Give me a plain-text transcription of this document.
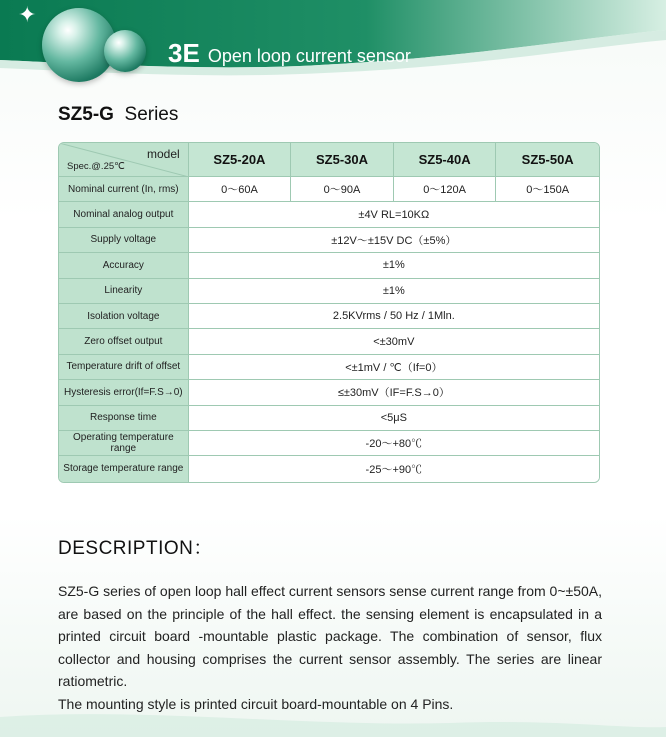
✦
3E Open loop current sensor
SZ5-G Series
model
Spec.@.25℃	SZ5-20A	SZ5-30A	SZ5-40A	SZ5-50A
Nominal current (In, rms)	0～60A	0～90A	0～120A	0～150A
Nominal analog output	±4V RL=10KΩ			
Supply voltage	±12V～±15V DC（±5%）			
Accuracy	±1%			
Linearity	±1%			
Isolation voltage	2.5KVrms / 50 Hz / 1Mln.			
Zero offset output	<±30mV			
Temperature drift of offset	<±1mV / ℃（If=0）			
Hysteresis error(If=F.S→0)	≤±30mV（IF=F.S→0）			
Response time	<5μS			
Operating temperature range	-20～+80℃			
Storage temperature range	-25～+90℃			
DESCRIPTION：

SZ5-G series of open loop hall effect current sensors sense current range from 0~±50A, are based on the principle of the hall effect. the sensing element is encapsulated in a printed circuit board -mountable plastic package. The combination of sensor, flux collector and housing comprises the current sensor assembly. The series are linear ratiometric.

The mounting style is printed circuit board-mountable on 4 Pins.
